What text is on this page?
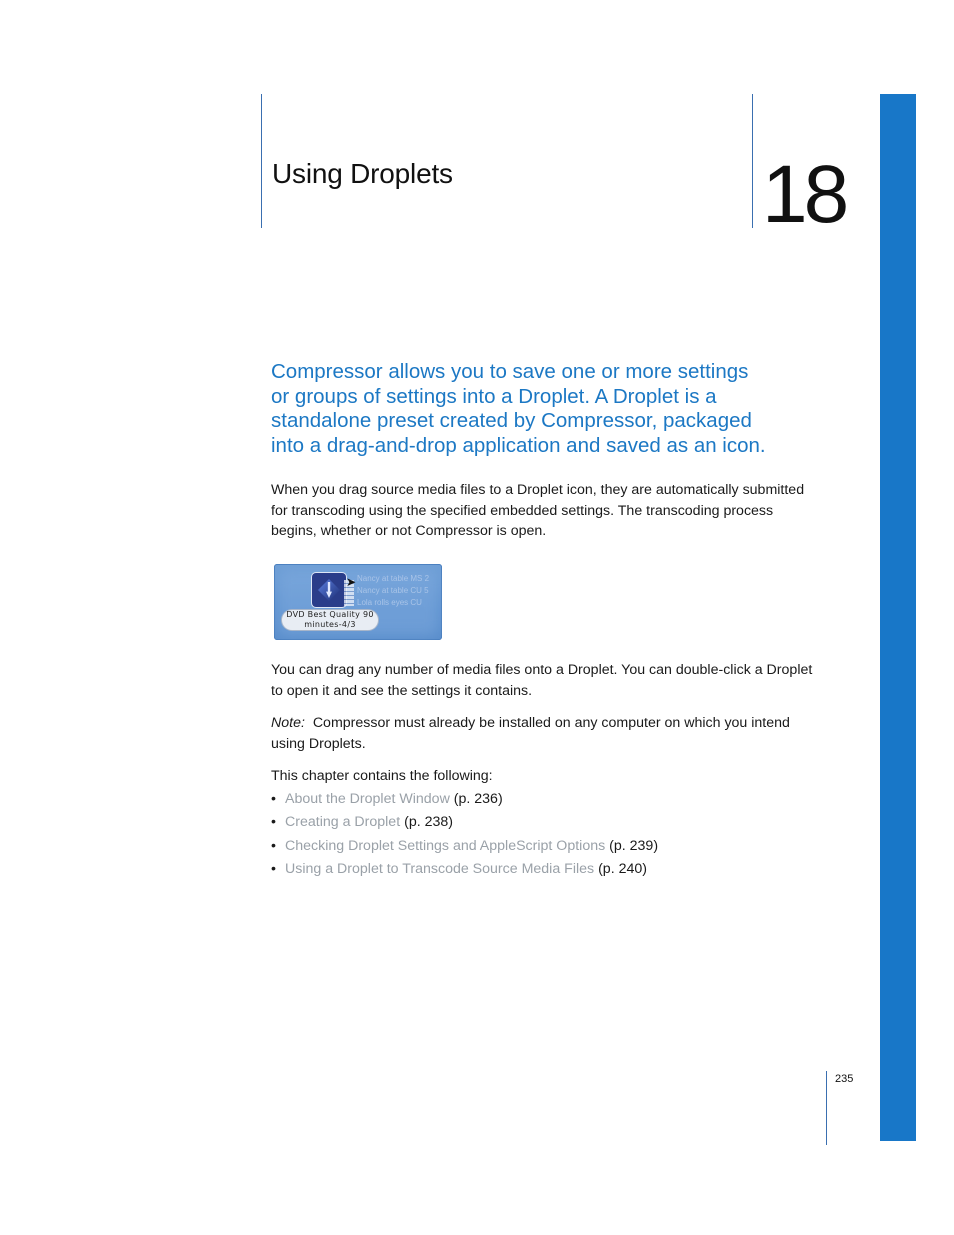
Using Droplets	18
Compressor allows you to save one or more settings
or groups of settings into a Droplet. A Droplet is a
standalone preset created by Compressor, packaged
into a drag-and-drop application and saved as an icon.
When you drag source media files to a Droplet icon, they are automatically submitted
for transcoding using the specified embedded settings. The transcoding process
begins, whether or not Compressor is open.
➤ Nancy at table MS 2
Nancy at table CU 5
Lola rolls eyes CU
DVD Best Quality 90
minutes-4/3
You can drag any number of media files onto a Droplet. You can double-click a Droplet
to open it and see the settings it contains.
Note: Compressor must already be installed on any computer on which you intend
using Droplets.
This chapter contains the following:
• About the Droplet Window (p. 236)
• Creating a Droplet (p. 238)
• Checking Droplet Settings and AppleScript Options (p. 239)
• Using a Droplet to Transcode Source Media Files (p. 240)
235
